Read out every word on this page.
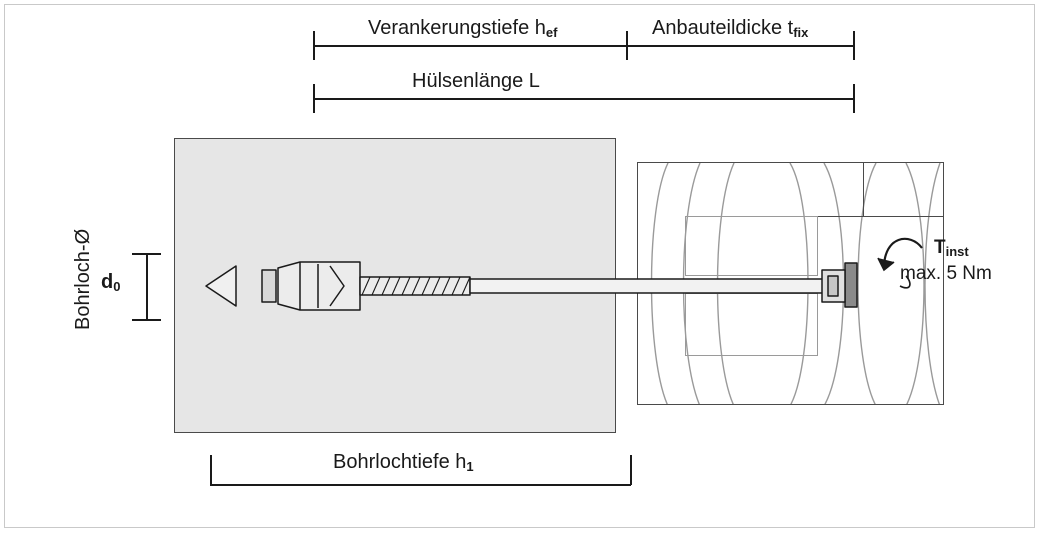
Verankerungstiefe $h_{ef}$	Anbauteildicke $t_{fix}$
Hülsenlänge L
Bohrloch-Ø $d_0$
$T_{inst}$
max. 5 Nm
Bohrlochtiefe $h_1$
